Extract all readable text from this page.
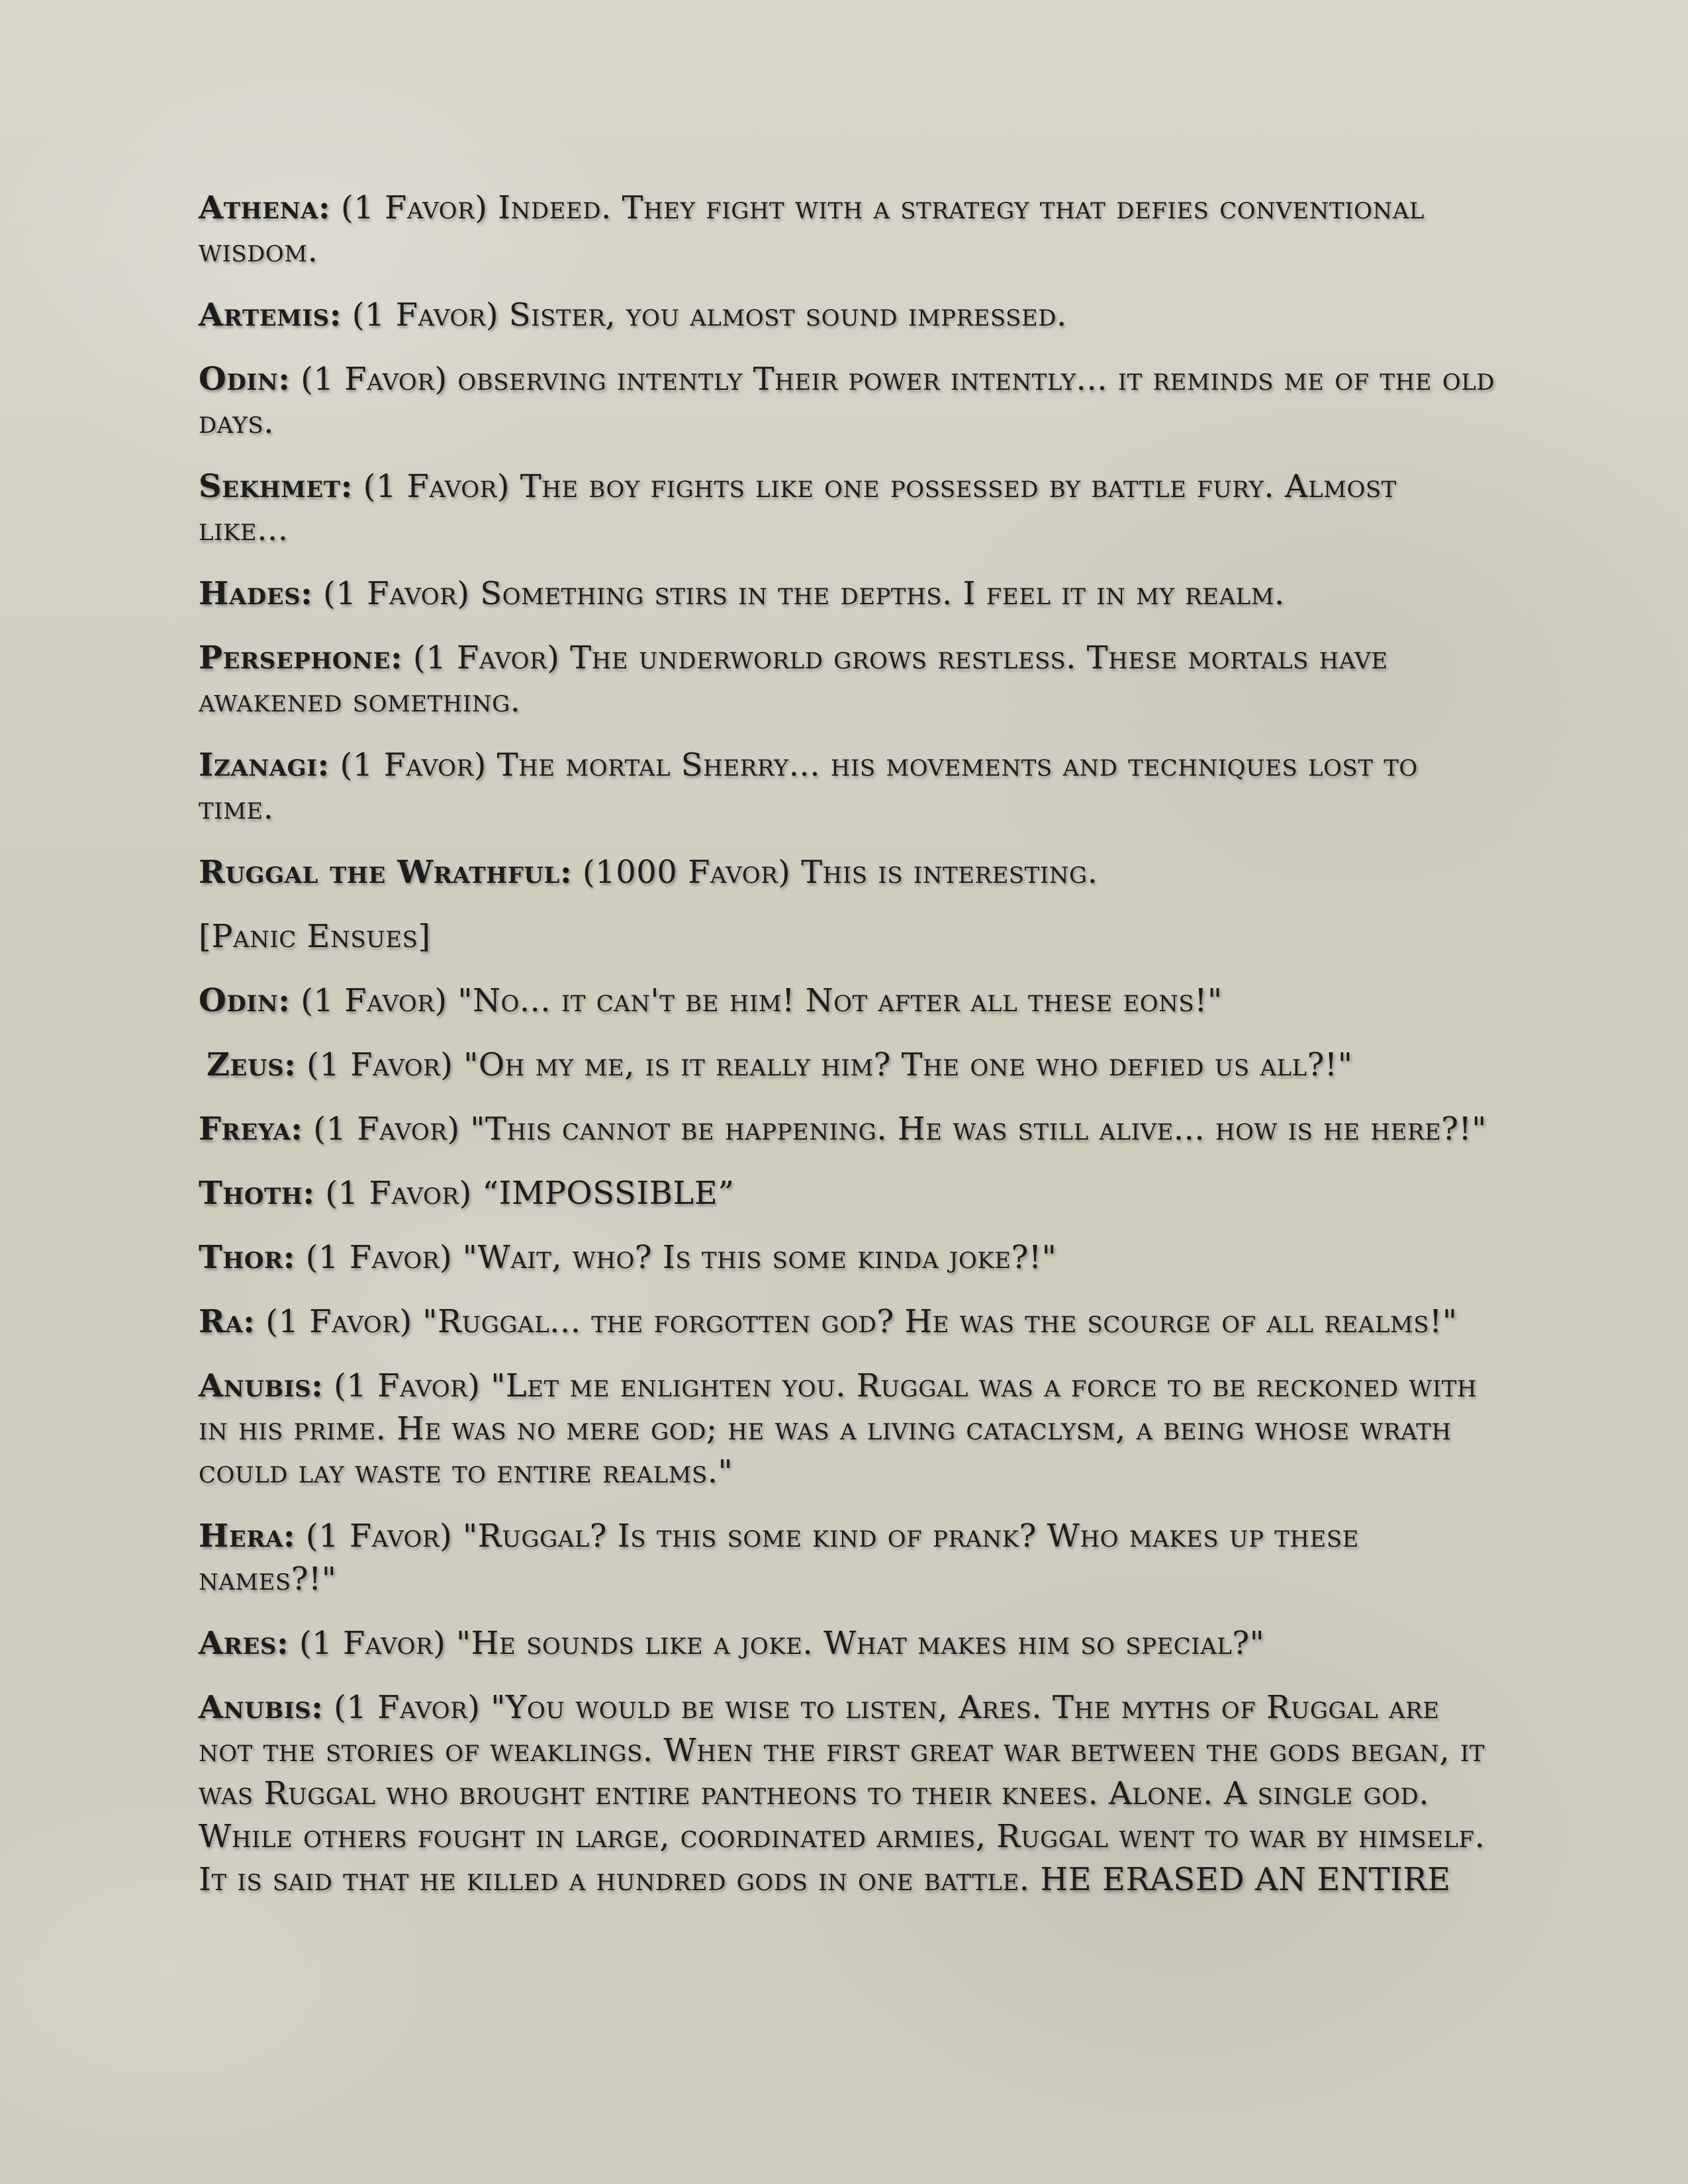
Athena: (1 Favor) Indeed. They fight with a strategy that defies conventional wisdom.

Artemis: (1 Favor) Sister, you almost sound impressed.

Odin: (1 Favor) observing intently Their power intently... it reminds me of the old days.

Sekhmet: (1 Favor) The boy fights like one possessed by battle fury. Almost like...

Hades: (1 Favor) Something stirs in the depths. I feel it in my realm.

Persephone: (1 Favor) The underworld grows restless. These mortals have awakened something.

Izanagi: (1 Favor) The mortal Sherry... his movements and techniques lost to time.

Ruggal the Wrathful: (1000 Favor) This is interesting.

[Panic Ensues]

Odin: (1 Favor) "No... it can't be him! Not after all these eons!"

Zeus: (1 Favor) "Oh my me, is it really him? The one who defied us all?!"

Freya: (1 Favor) "This cannot be happening. He was still alive... how is he here?!"

Thoth: (1 Favor) “IMPOSSIBLE”

Thor: (1 Favor) "Wait, who? Is this some kinda joke?!"

Ra: (1 Favor) "Ruggal... the forgotten god? He was the scourge of all realms!"

Anubis: (1 Favor) "Let me enlighten you. Ruggal was a force to be reckoned with in his prime. He was no mere god; he was a living cataclysm, a being whose wrath could lay waste to entire realms."

Hera: (1 Favor) "Ruggal? Is this some kind of prank? Who makes up these names?!"

Ares: (1 Favor) "He sounds like a joke. What makes him so special?"

Anubis: (1 Favor) "You would be wise to listen, Ares. The myths of Ruggal are not the stories of weaklings. When the first great war between the gods began, it was Ruggal who brought entire pantheons to their knees. Alone. A single god. While others fought in large, coordinated armies, Ruggal went to war by himself. It is said that he killed a hundred gods in one battle. HE ERASED AN ENTIRE
